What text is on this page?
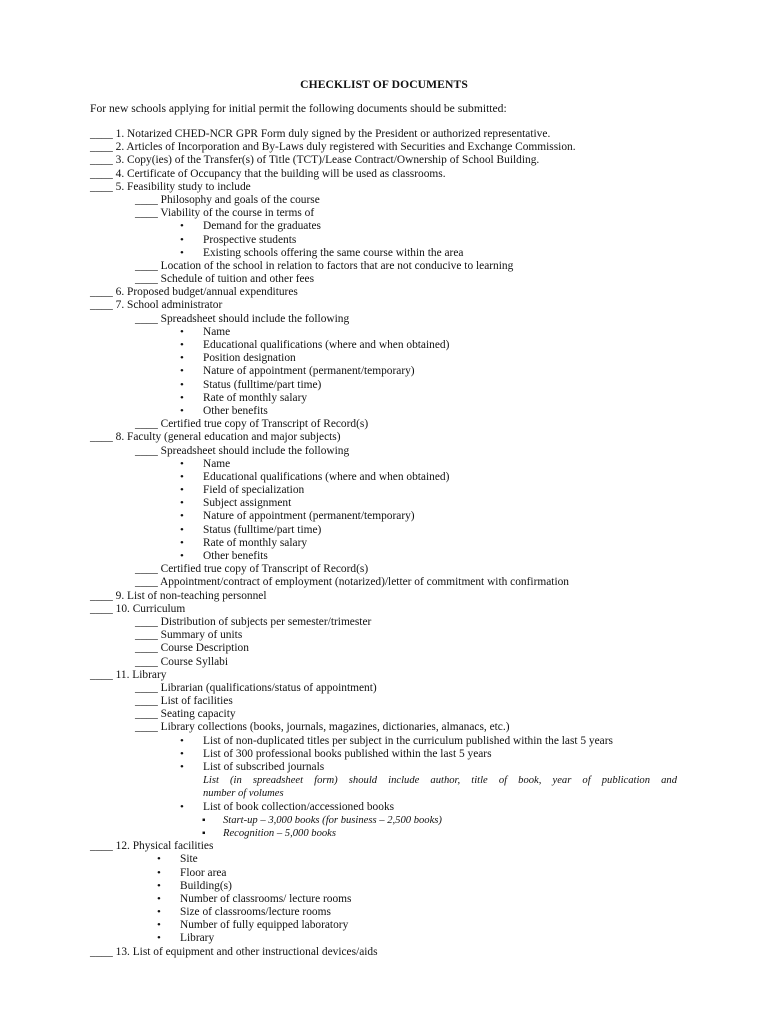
CHECKLIST OF DOCUMENTS
For new schools applying for initial permit the following documents should be submitted:
____ 1. Notarized CHED-NCR GPR Form duly signed by the President or authorized representative.
____ 2. Articles of Incorporation and By-Laws duly registered with Securities and Exchange Commission.
____ 3. Copy(ies) of the Transfer(s) of Title (TCT)/Lease Contract/Ownership of School Building.
____ 4. Certificate of Occupancy that the building will be used as classrooms.
____ 5. Feasibility study to include
____ Philosophy and goals of the course
____ Viability of the course in terms of
• Demand for the graduates
• Prospective students
• Existing schools offering the same course within the area
____ Location of the school in relation to factors that are not conducive to learning
____ Schedule of tuition and other fees
____ 6. Proposed budget/annual expenditures
____ 7. School administrator
____ Spreadsheet should include the following
• Name
• Educational qualifications (where and when obtained)
• Position designation
• Nature of appointment (permanent/temporary)
• Status (fulltime/part time)
• Rate of monthly salary
• Other benefits
____ Certified true copy of Transcript of Record(s)
____ 8. Faculty (general education and major subjects)
____ Spreadsheet should include the following
• Name
• Educational qualifications (where and when obtained)
• Field of specialization
• Subject assignment
• Nature of appointment (permanent/temporary)
• Status (fulltime/part time)
• Rate of monthly salary
• Other benefits
____ Certified true copy of Transcript of Record(s)
____ Appointment/contract of employment (notarized)/letter of commitment with confirmation
____ 9. List of non-teaching personnel
____ 10. Curriculum
____ Distribution of subjects per semester/trimester
____ Summary of units
____ Course Description
____ Course Syllabi
____ 11. Library
____ Librarian (qualifications/status of appointment)
____ List of facilities
____ Seating capacity
____ Library collections (books, journals, magazines, dictionaries, almanacs, etc.)
• List of non-duplicated titles per subject in the curriculum published within the last 5 years
• List of 300 professional books published within the last 5 years
• List of subscribed journals
List (in spreadsheet form) should include author, title of book, year of publication and
number of volumes
• List of book collection/accessioned books
▪ Start-up – 3,000 books (for business – 2,500 books)
▪ Recognition – 5,000 books
____ 12. Physical facilities
• Site
• Floor area
• Building(s)
• Number of classrooms/ lecture rooms
• Size of classrooms/lecture rooms
• Number of fully equipped laboratory
• Library
____ 13. List of equipment and other instructional devices/aids
